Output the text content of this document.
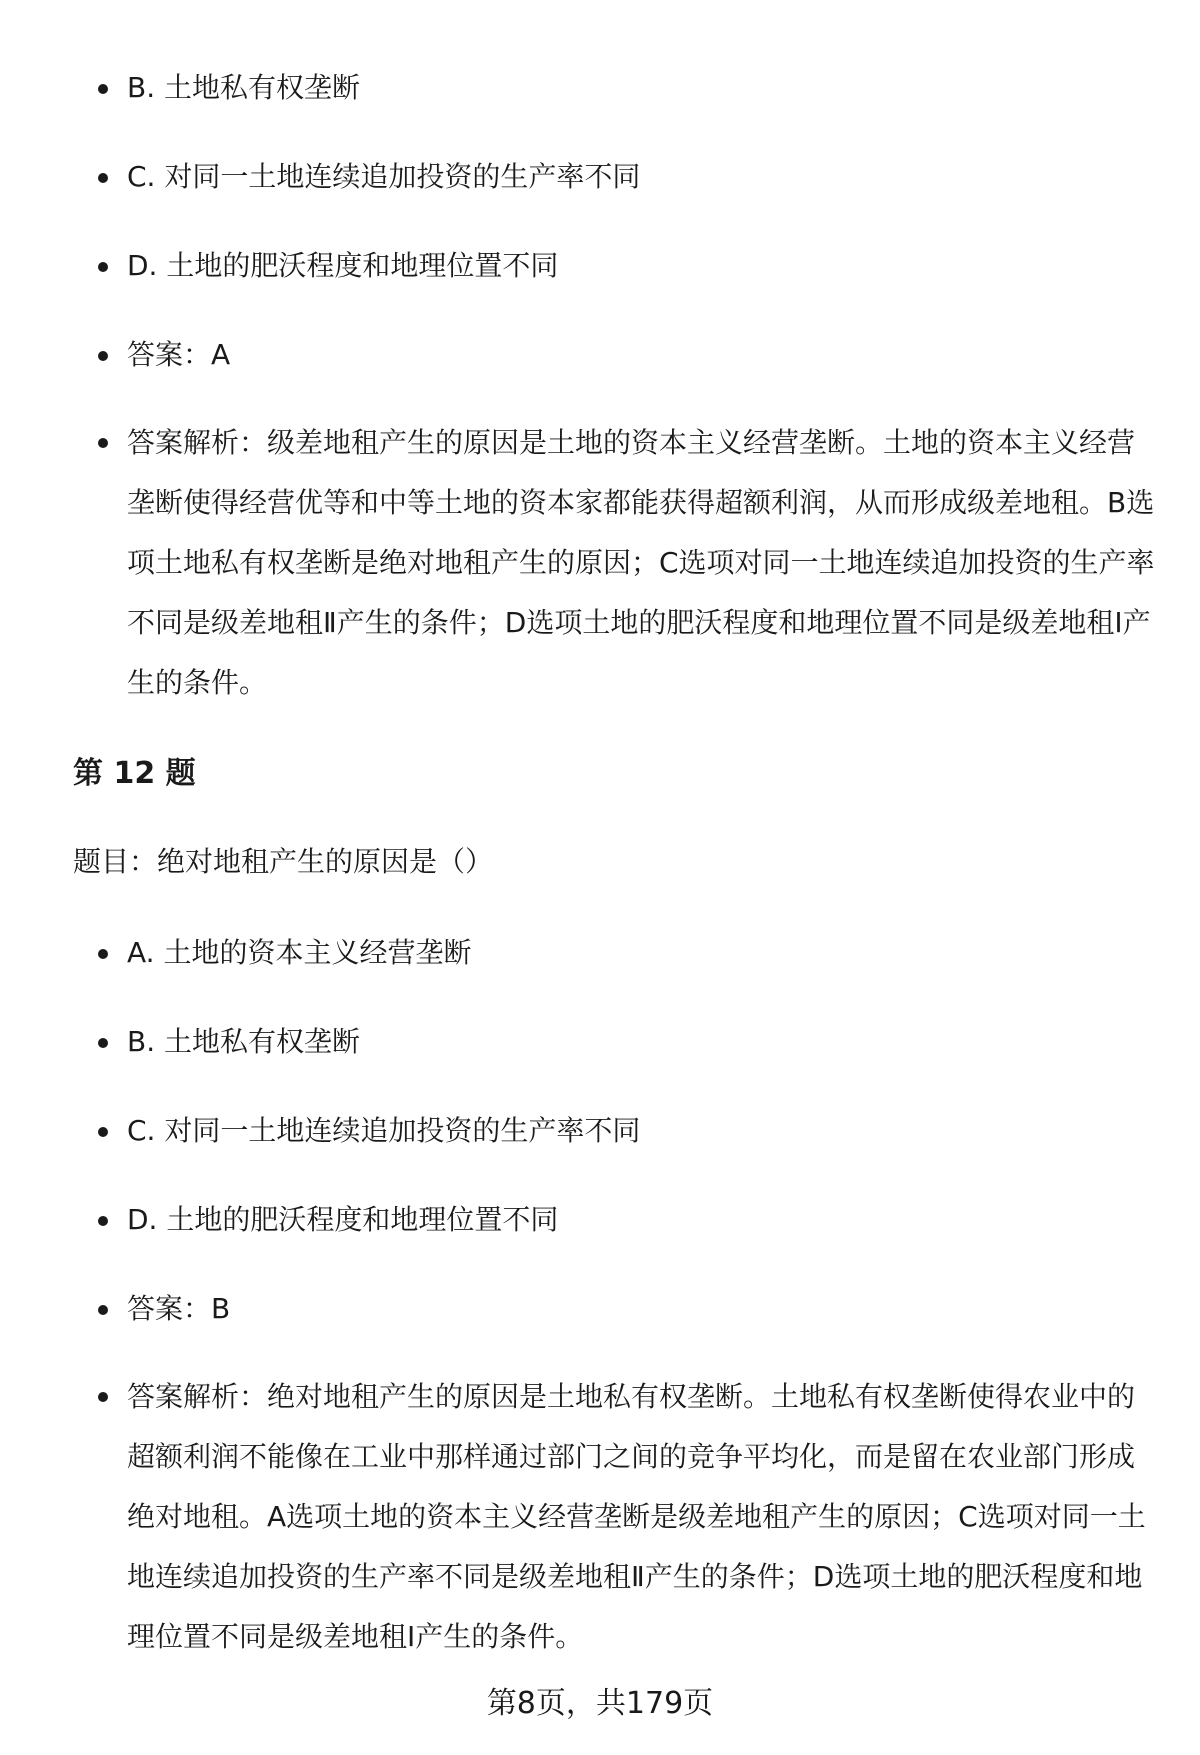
B. 土地私有权垄断
C. 对同一土地连续追加投资的生产率不同
D. 土地的肥沃程度和地理位置不同
答案：A
答案解析：级差地租产生的原因是土地的资本主义经营垄断。土地的资本主义经营垄断使得经营优等和中等土地的资本家都能获得超额利润，从而形成级差地租。B选项土地私有权垄断是绝对地租产生的原因；C选项对同一土地连续追加投资的生产率不同是级差地租Ⅱ产生的条件；D选项土地的肥沃程度和地理位置不同是级差地租Ⅰ产生的条件。
第 12 题

题目：绝对地租产生的原因是（）

A. 土地的资本主义经营垄断
B. 土地私有权垄断
C. 对同一土地连续追加投资的生产率不同
D. 土地的肥沃程度和地理位置不同
答案：B
答案解析：绝对地租产生的原因是土地私有权垄断。土地私有权垄断使得农业中的超额利润不能像在工业中那样通过部门之间的竞争平均化，而是留在农业部门形成绝对地租。A选项土地的资本主义经营垄断是级差地租产生的原因；C选项对同一土地连续追加投资的生产率不同是级差地租Ⅱ产生的条件；D选项土地的肥沃程度和地理位置不同是级差地租Ⅰ产生的条件。

第8页，共179页
